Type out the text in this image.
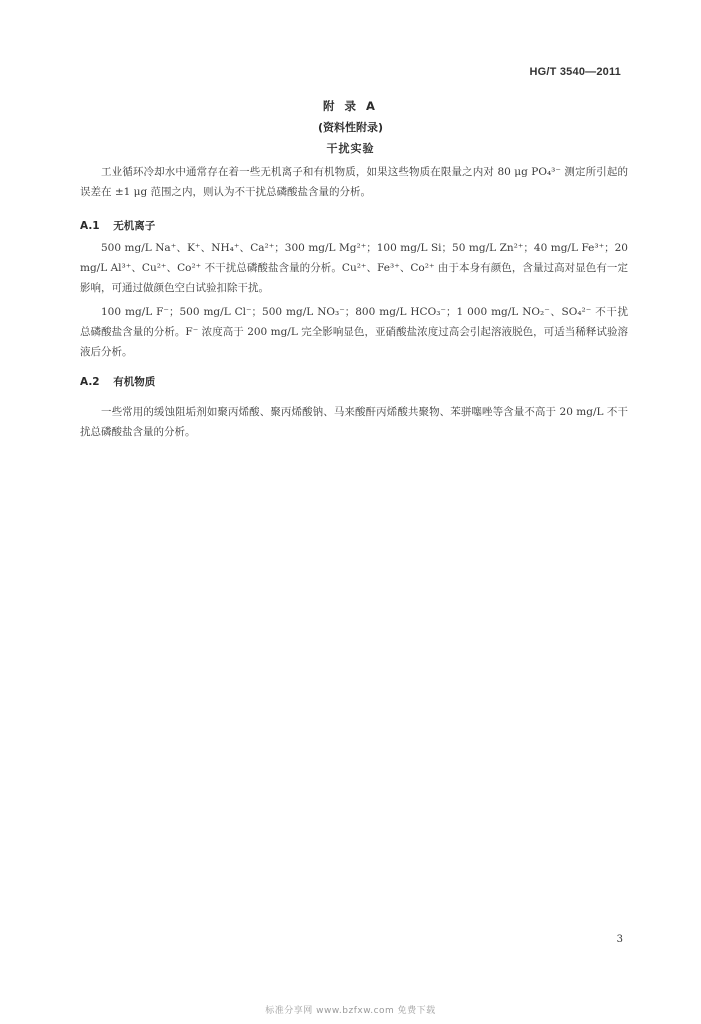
HG/T 3540—2011
附 录 A
(资料性附录)
干扰实验

工业循环冷却水中通常存在着一些无机离子和有机物质，如果这些物质在限量之内对 80 μg PO₄³⁻ 测定所引起的误差在 ±1 μg 范围之内，则认为不干扰总磷酸盐含量的分析。

A.1 无机离子

500 mg/L Na⁺、K⁺、NH₄⁺、Ca²⁺；300 mg/L Mg²⁺；100 mg/L Si；50 mg/L Zn²⁺；40 mg/L Fe³⁺；20 mg/L Al³⁺、Cu²⁺、Co²⁺ 不干扰总磷酸盐含量的分析。Cu²⁺、Fe³⁺、Co²⁺ 由于本身有颜色，含量过高对显色有一定影响，可通过做颜色空白试验扣除干扰。

100 mg/L F⁻；500 mg/L Cl⁻；500 mg/L NO₃⁻；800 mg/L HCO₃⁻；1 000 mg/L NO₂⁻、SO₄²⁻ 不干扰总磷酸盐含量的分析。F⁻ 浓度高于 200 mg/L 完全影响显色，亚硝酸盐浓度过高会引起溶液脱色，可适当稀释试验溶液后分析。

A.2 有机物质

一些常用的缓蚀阻垢剂如聚丙烯酸、聚丙烯酸钠、马来酸酐丙烯酸共聚物、苯骈噻唑等含量不高于 20 mg/L 不干扰总磷酸盐含量的分析。

3
标准分享网 www.bzfxw.com 免费下载
